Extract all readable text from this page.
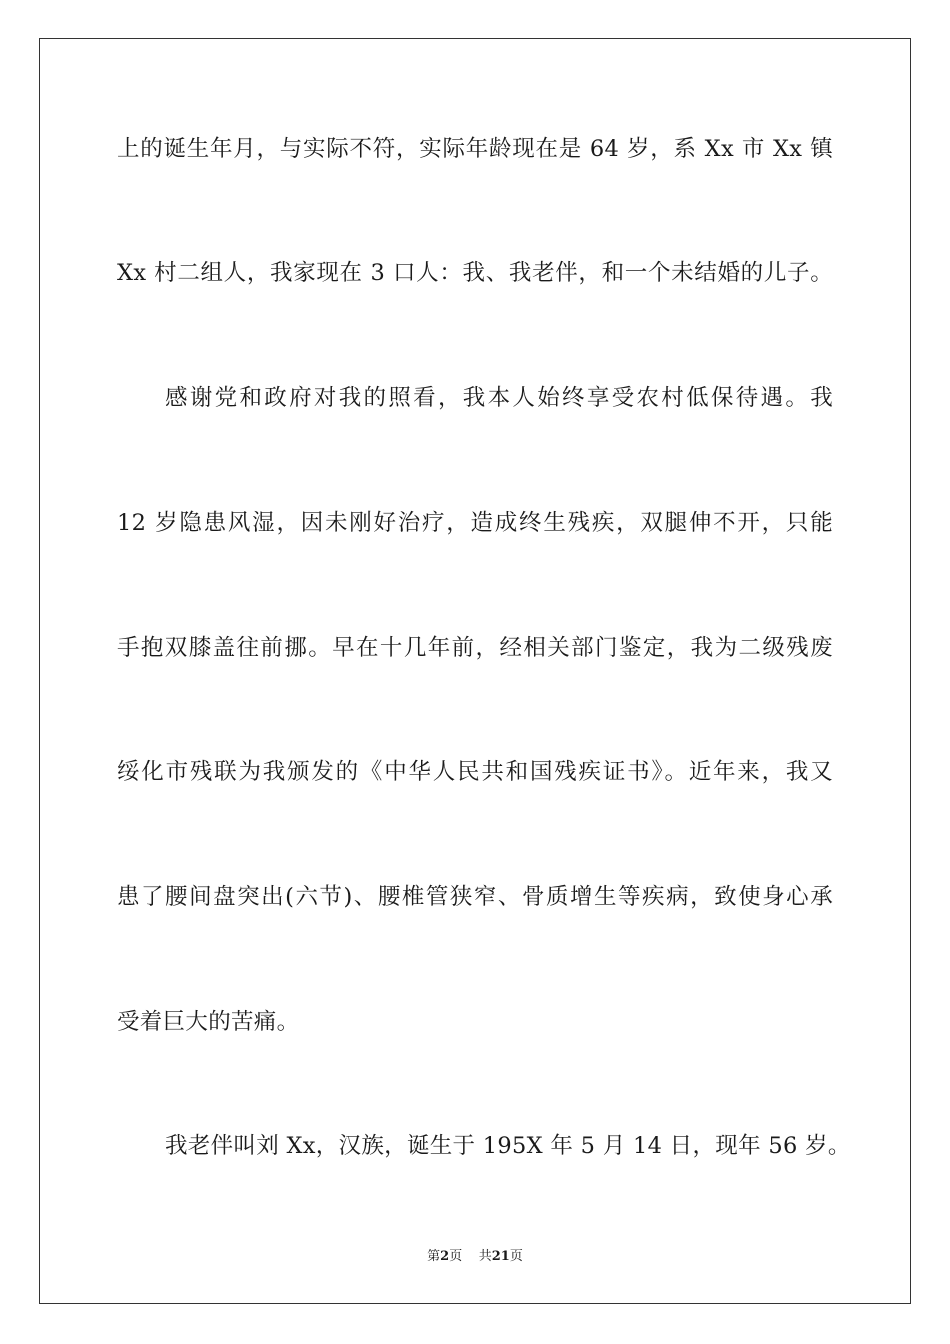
上的诞生年月，与实际不符，实际年龄现在是 64 岁，系 Xx 市 Xx 镇
Xx 村二组人，我家现在 3 口人：我、我老伴，和一个未结婚的儿子。
感谢党和政府对我的照看，我本人始终享受农村低保待遇。我
12 岁隐患风湿，因未刚好治疗，造成终生残疾，双腿伸不开，只能
手抱双膝盖往前挪。早在十几年前，经相关部门鉴定，我为二级残废
绥化市残联为我颁发的《中华人民共和国残疾证书》。近年来，我又
患了腰间盘突出(六节)、腰椎管狭窄、骨质增生等疾病，致使身心承
受着巨大的苦痛。
我老伴叫刘 Xx，汉族，诞生于 195X 年 5 月 14 日，现年 56 岁。
第2页 共21页
